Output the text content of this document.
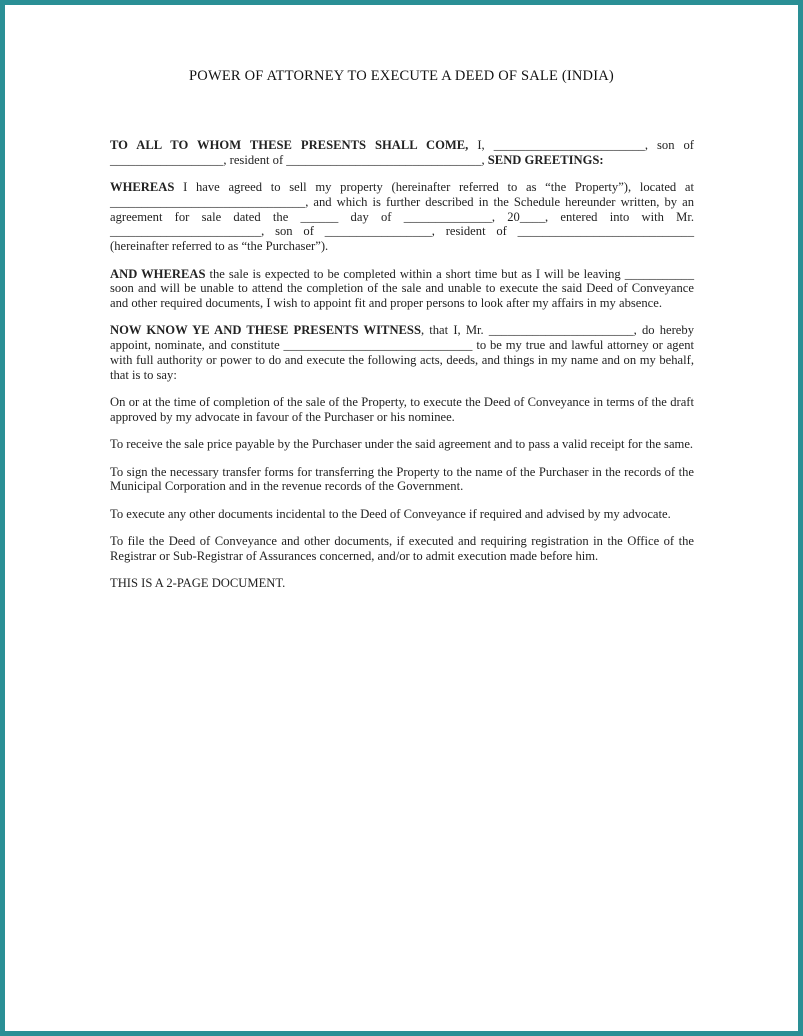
POWER OF ATTORNEY TO EXECUTE A DEED OF SALE (INDIA)

TO ALL TO WHOM THESE PRESENTS SHALL COME, I, ________________________, son of __________________, resident of _______________________________, SEND GREETINGS:

WHEREAS I have agreed to sell my property (hereinafter referred to as “the Property”), located at _______________________________, and which is further described in the Schedule hereunder written, by an agreement for sale dated the ______ day of ______________, 20____, entered into with Mr. ________________________, son of _________________, resident of ____________________________ (hereinafter referred to as “the Purchaser”).

AND WHEREAS the sale is expected to be completed within a short time but as I will be leaving ___________ soon and will be unable to attend the completion of the sale and unable to execute the said Deed of Conveyance and other required documents, I wish to appoint fit and proper persons to look after my affairs in my absence.

NOW KNOW YE AND THESE PRESENTS WITNESS, that I, Mr. _______________________, do hereby appoint, nominate, and constitute ______________________________ to be my true and lawful attorney or agent with full authority or power to do and execute the following acts, deeds, and things in my name and on my behalf, that is to say:

On or at the time of completion of the sale of the Property, to execute the Deed of Conveyance in terms of the draft approved by my advocate in favour of the Purchaser or his nominee.

To receive the sale price payable by the Purchaser under the said agreement and to pass a valid receipt for the same.

To sign the necessary transfer forms for transferring the Property to the name of the Purchaser in the records of the Municipal Corporation and in the revenue records of the Government.

To execute any other documents incidental to the Deed of Conveyance if required and advised by my advocate.

To file the Deed of Conveyance and other documents, if executed and requiring registration in the Office of the Registrar or Sub-Registrar of Assurances concerned, and/or to admit execution made before him.

THIS IS A 2-PAGE DOCUMENT.
